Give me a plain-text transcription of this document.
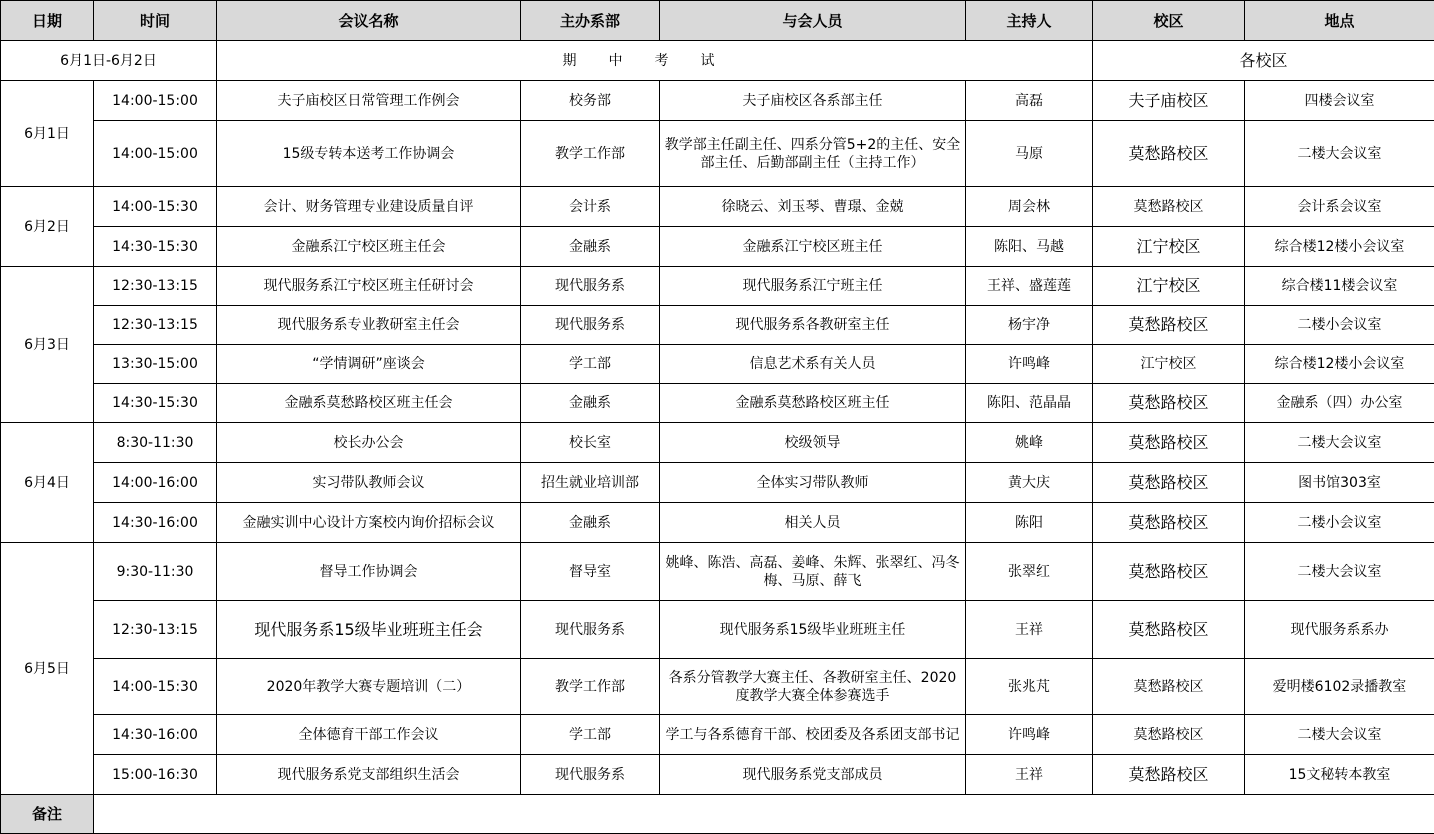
日期	时间	会议名称	主办系部	与会人员	主持人	校区	地点
6月1日-6月2日		期中考试				各校区	
6月1日	14:00-15:00	夫子庙校区日常管理工作例会	校务部	夫子庙校区各系部主任	高磊	夫子庙校区	四楼会议室
	14:00-15:00	15级专转本送考工作协调会	教学工作部	教学部主任副主任、四系分管5+2的主任、安全部主任、后勤部副主任（主持工作）	马原	莫愁路校区	二楼大会议室
6月2日	14:00-15:30	会计、财务管理专业建设质量自评	会计系	徐晓云、刘玉琴、曹璟、金兢	周会林	莫愁路校区	会计系会议室
	14:30-15:30	金融系江宁校区班主任会	金融系	金融系江宁校区班主任	陈阳、马越	江宁校区	综合楼12楼小会议室
6月3日	12:30-13:15	现代服务系江宁校区班主任研讨会	现代服务系	现代服务系江宁班主任	王祥、盛莲莲	江宁校区	综合楼11楼会议室
	12:30-13:15	现代服务系专业教研室主任会	现代服务系	现代服务系各教研室主任	杨宇净	莫愁路校区	二楼小会议室
	13:30-15:00	“学情调研”座谈会	学工部	信息艺术系有关人员	许鸣峰	江宁校区	综合楼12楼小会议室
	14:30-15:30	金融系莫愁路校区班主任会	金融系	金融系莫愁路校区班主任	陈阳、范晶晶	莫愁路校区	金融系（四）办公室
6月4日	8:30-11:30	校长办公会	校长室	校级领导	姚峰	莫愁路校区	二楼大会议室
	14:00-16:00	实习带队教师会议	招生就业培训部	全体实习带队教师	黄大庆	莫愁路校区	图书馆303室
	14:30-16:00	金融实训中心设计方案校内询价招标会议	金融系	相关人员	陈阳	莫愁路校区	二楼小会议室
6月5日	9:30-11:30	督导工作协调会	督导室	姚峰、陈浩、高磊、姜峰、朱辉、张翠红、冯冬梅、马原、薛飞	张翠红	莫愁路校区	二楼大会议室
	12:30-13:15	现代服务系15级毕业班班主任会	现代服务系	现代服务系15级毕业班班主任	王祥	莫愁路校区	现代服务系系办
	14:00-15:30	2020年教学大赛专题培训（二）	教学工作部	各系分管教学大赛主任、各教研室主任、2020度教学大赛全体参赛选手	张兆芃	莫愁路校区	爱明楼6102录播教室
	14:30-16:00	全体德育干部工作会议	学工部	学工与各系德育干部、校团委及各系团支部书记	许鸣峰	莫愁路校区	二楼大会议室
	15:00-16:30	现代服务系党支部组织生活会	现代服务系	现代服务系党支部成员	王祥	莫愁路校区	15文秘转本教室
备注							
